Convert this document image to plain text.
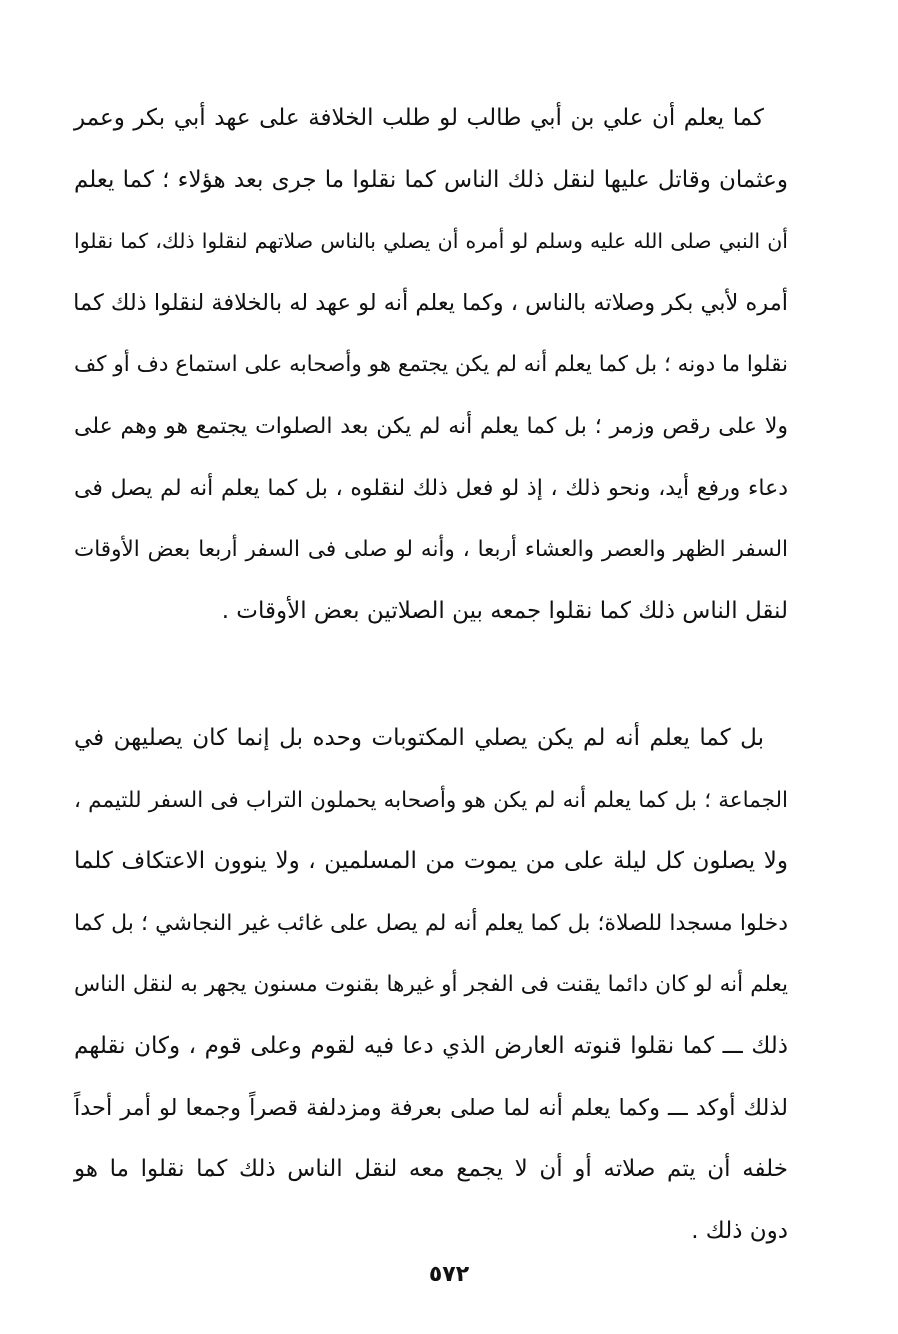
كما يعلم أن علي بن أبي طالب لو طلب الخلافة على عهد أبي بكر وعمر
وعثمان وقاتل عليها لنقل ذلك الناس كما نقلوا ما جرى بعد هؤلاء ؛ كما يعلم
أن النبي صلى الله عليه وسلم لو أمره أن يصلي بالناس صلاتهم لنقلوا ذلك، كما نقلوا
أمره لأبي بكر وصلاته بالناس ، وكما يعلم أنه لو عهد له بالخلافة لنقلوا ذلك كما
نقلوا ما دونه ؛ بل كما يعلم أنه لم يكن يجتمع هو وأصحابه على استماع دف أو كف
ولا على رقص وزمر ؛ بل كما يعلم أنه لم يكن بعد الصلوات يجتمع هو وهم على
دعاء ورفع أيد، ونحو ذلك ، إذ لو فعل ذلك لنقلوه ، بل كما يعلم أنه لم يصل فى
السفر الظهر والعصر والعشاء أربعا ، وأنه لو صلى فى السفر أربعا بعض الأوقات
لنقل الناس ذلك كما نقلوا جمعه بين الصلاتين بعض الأوقات .
بل كما يعلم أنه لم يكن يصلي المكتوبات وحده بل إنما كان يصليهن في
الجماعة ؛ بل كما يعلم أنه لم يكن هو وأصحابه يحملون التراب فى السفر للتيمم ،
ولا يصلون كل ليلة على من يموت من المسلمين ، ولا ينوون الاعتكاف كلما
دخلوا مسجدا للصلاة؛ بل كما يعلم أنه لم يصل على غائب غير النجاشي ؛ بل كما
يعلم أنه لو كان دائما يقنت فى الفجر أو غيرها بقنوت مسنون يجهر به لنقل الناس
ذلك ـــ كما نقلوا قنوته العارض الذي دعا فيه لقوم وعلى قوم ، وكان نقلهم
لذلك أوكد ـــ وكما يعلم أنه لما صلى بعرفة ومزدلفة قصراً وجمعا لو أمر أحداً
خلفه أن يتم صلاته أو أن لا يجمع معه لنقل الناس ذلك كما نقلوا ما هو
دون ذلك .
٥٧٢
